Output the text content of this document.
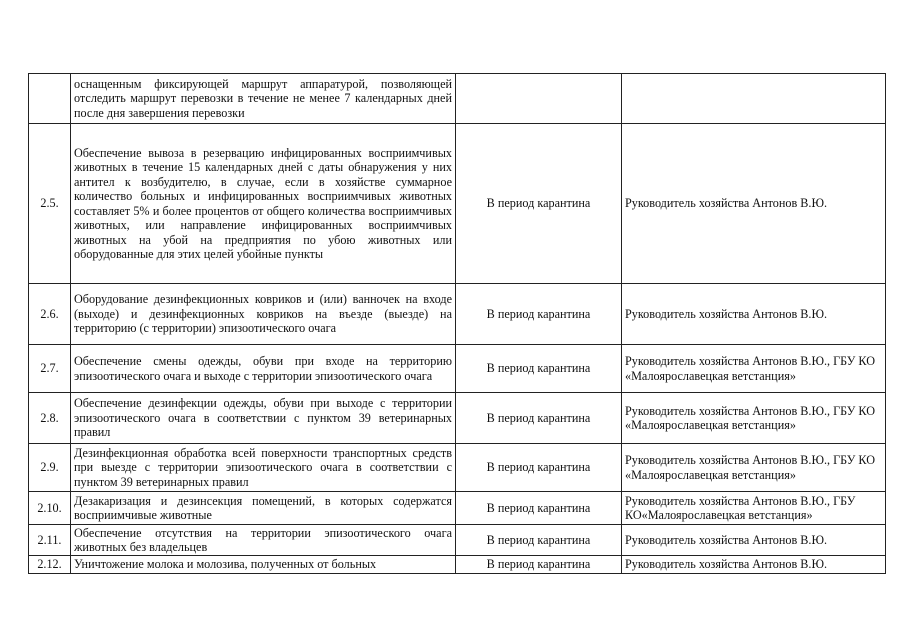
	оснащенным фиксирующей маршрут аппаратурой, позволяющей отследить маршрут перевозки в течение не менее 7 календарных дней после дня завершения перевозки		
2.5.	Обеспечение вывоза в резервацию инфицированных восприимчивых животных в течение 15 календарных дней с даты обнаружения у них антител к возбудителю, в случае, если в хозяйстве суммарное количество больных и инфицированных восприимчивых животных составляет 5% и более процентов от общего количества восприимчивых животных, или направление инфицированных восприимчивых животных на убой на предприятия по убою животных или оборудованные для этих целей убойные пункты	В период карантина	Руководитель хозяйства Антонов В.Ю.
2.6.	Оборудование дезинфекционных ковриков и (или) ванночек на входе (выходе) и дезинфекционных ковриков на въезде (выезде) на территорию (с территории) эпизоотического очага	В период карантина	Руководитель хозяйства Антонов В.Ю.
2.7.	Обеспечение смены одежды, обуви при входе на территорию эпизоотического очага и выходе с территории эпизоотического очага	В период карантина	Руководитель хозяйства Антонов В.Ю., ГБУ КО «Малоярославецкая ветстанция»
2.8.	Обеспечение дезинфекции одежды, обуви при выходе с территории эпизоотического очага в соответствии с пунктом 39 ветеринарных правил	В период карантина	Руководитель хозяйства Антонов В.Ю., ГБУ КО «Малоярославецкая ветстанция»
2.9.	Дезинфекционная обработка всей поверхности транспортных средств при выезде с территории эпизоотического очага в соответствии с пунктом 39 ветеринарных правил	В период карантина	Руководитель хозяйства Антонов В.Ю., ГБУ КО «Малоярославецкая ветстанция»
2.10.	Дезакаризация и дезинсекция помещений, в которых содержатся восприимчивые животные	В период карантина	Руководитель хозяйства Антонов В.Ю., ГБУ КО«Малоярославецкая ветстанция»
2.11.	Обеспечение отсутствия на территории эпизоотического очага животных без владельцев	В период карантина	Руководитель хозяйства Антонов В.Ю.
2.12.	Уничтожение молока и молозива, полученных от больных	В период карантина	Руководитель хозяйства Антонов В.Ю.
